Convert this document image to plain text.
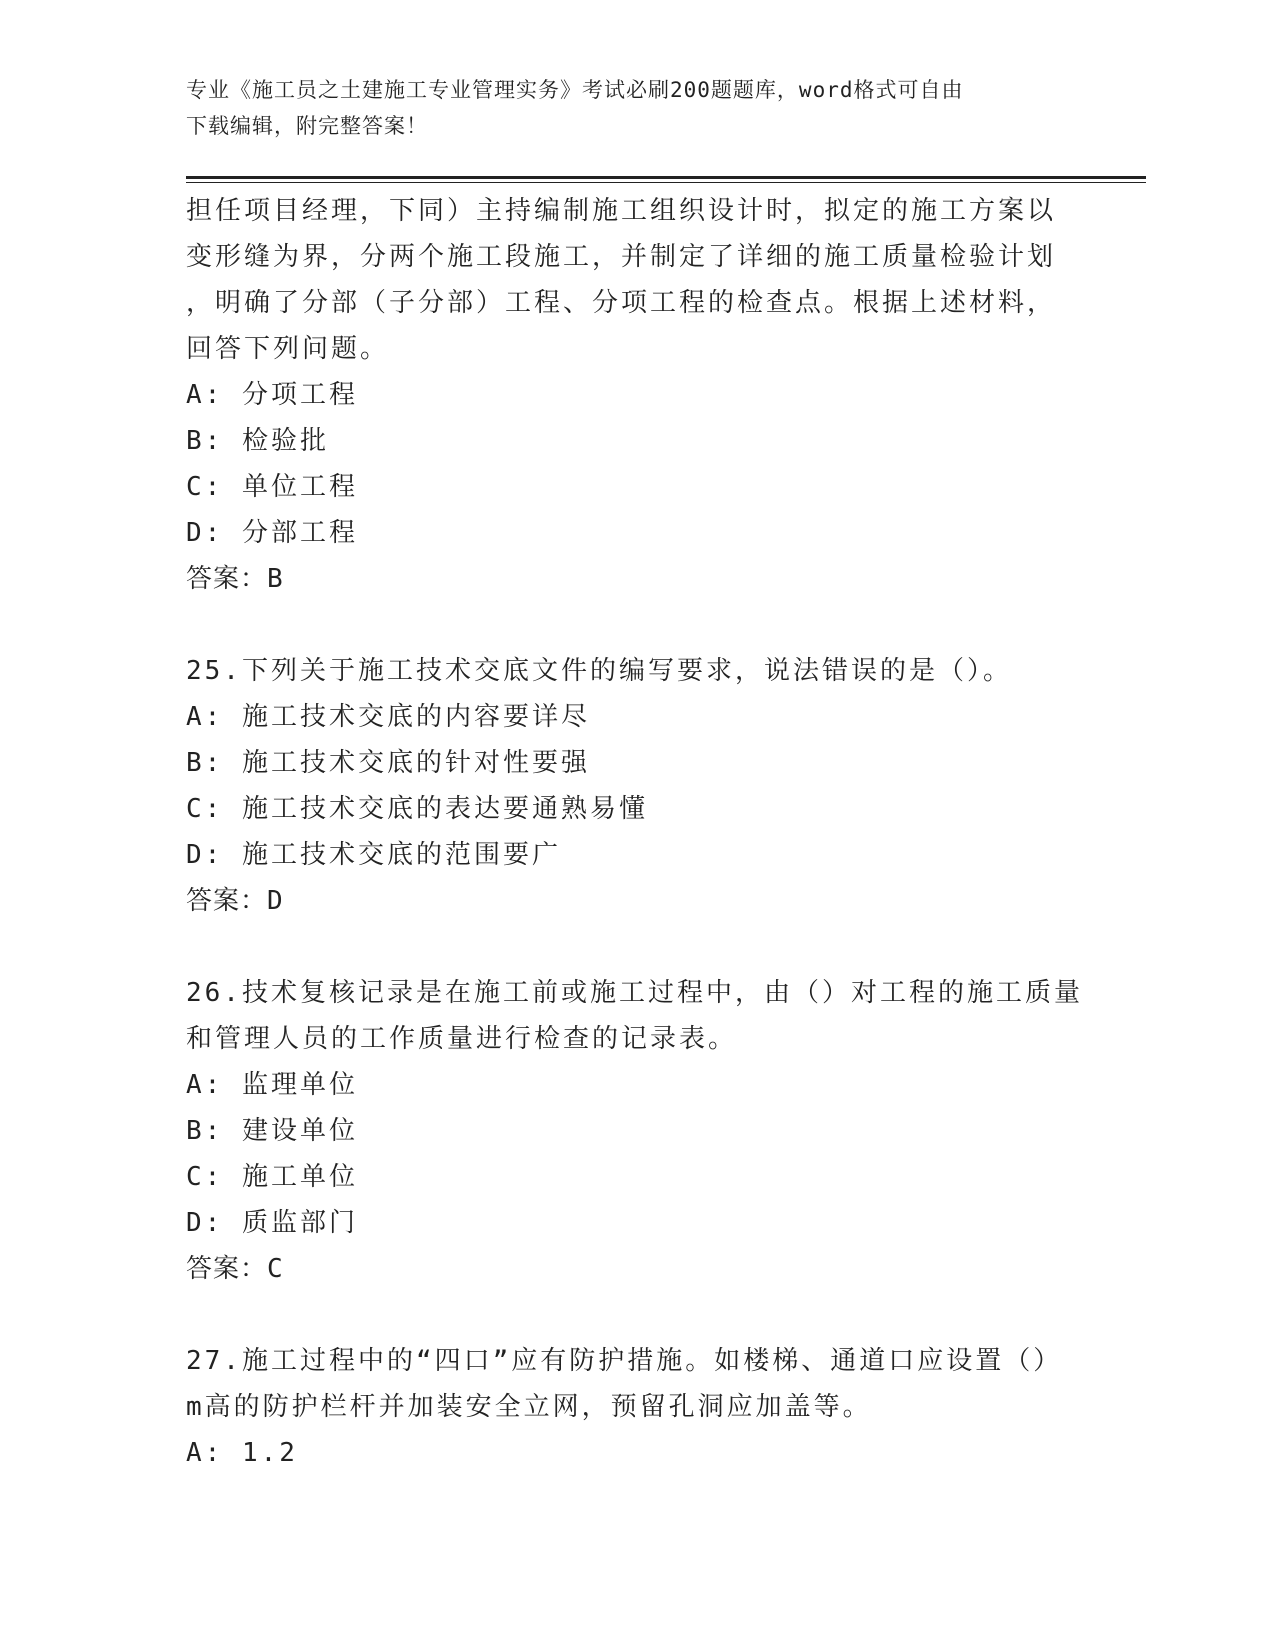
专业《施工员之土建施工专业管理实务》考试必刷200题题库，word格式可自由
下载编辑，附完整答案！
担任项目经理，下同）主持编制施工组织设计时，拟定的施工方案以
变形缝为界，分两个施工段施工，并制定了详细的施工质量检验计划
，明确了分部（子分部）工程、分项工程的检查点。根据上述材料，
回答下列问题。
A: 分项工程
B: 检验批
C: 单位工程
D: 分部工程
答案：B
25.下列关于施工技术交底文件的编写要求，说法错误的是（）。
A: 施工技术交底的内容要详尽
B: 施工技术交底的针对性要强
C: 施工技术交底的表达要通熟易懂
D: 施工技术交底的范围要广
答案：D
26.技术复核记录是在施工前或施工过程中，由（）对工程的施工质量
和管理人员的工作质量进行检查的记录表。
A: 监理单位
B: 建设单位
C: 施工单位
D: 质监部门
答案：C
27.施工过程中的“四口”应有防护措施。如楼梯、通道口应设置（）
m高的防护栏杆并加装安全立网，预留孔洞应加盖等。
A: 1.2
